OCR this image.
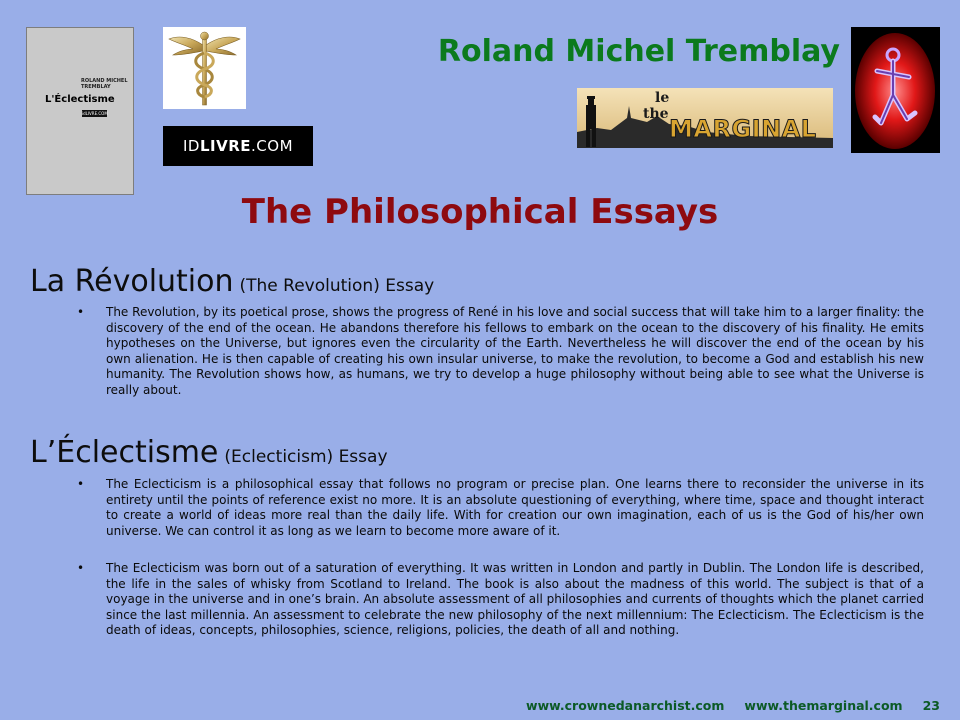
ROLAND MICHEL TREMBLAY
L'Éclectisme
idLIVRE.COM
IDLIVRE.COM
Roland Michel Tremblay
le
the
MARGINAL
The Philosophical Essays
La Révolution (The Revolution) Essay
• The Revolution, by its poetical prose, shows the progress of René in his love and social success that will take him to a larger finality: the discovery of the end of the ocean. He abandons therefore his fellows to embark on the ocean to the discovery of his finality. He emits hypotheses on the Universe, but ignores even the circularity of the Earth. Nevertheless he will discover the end of the ocean by his own alienation. He is then capable of creating his own insular universe, to make the revolution, to become a God and establish his new humanity. The Revolution shows how, as humans, we try to develop a huge philosophy without being able to see what the Universe is really about.
L’Éclectisme (Eclecticism) Essay
• The Eclecticism is a philosophical essay that follows no program or precise plan. One learns there to reconsider the universe in its entirety until the points of reference exist no more. It is an absolute questioning of everything, where time, space and thought interact to create a world of ideas more real than the daily life. With for creation our own imagination, each of us is the God of his/her own universe. We can control it as long as we learn to become more aware of it.
• The Eclecticism was born out of a saturation of everything. It was written in London and partly in Dublin. The London life is described, the life in the sales of whisky from Scotland to Ireland. The book is also about the madness of this world. The subject is that of a voyage in the universe and in one’s brain. An absolute assessment of all philosophies and currents of thoughts which the planet carried since the last millennia. An assessment to celebrate the new philosophy of the next millennium: The Eclecticism. The Eclecticism is the death of ideas, concepts, philosophies, science, religions, policies, the death of all and nothing.
www.crownedanarchist.com www.themarginal.com 23
